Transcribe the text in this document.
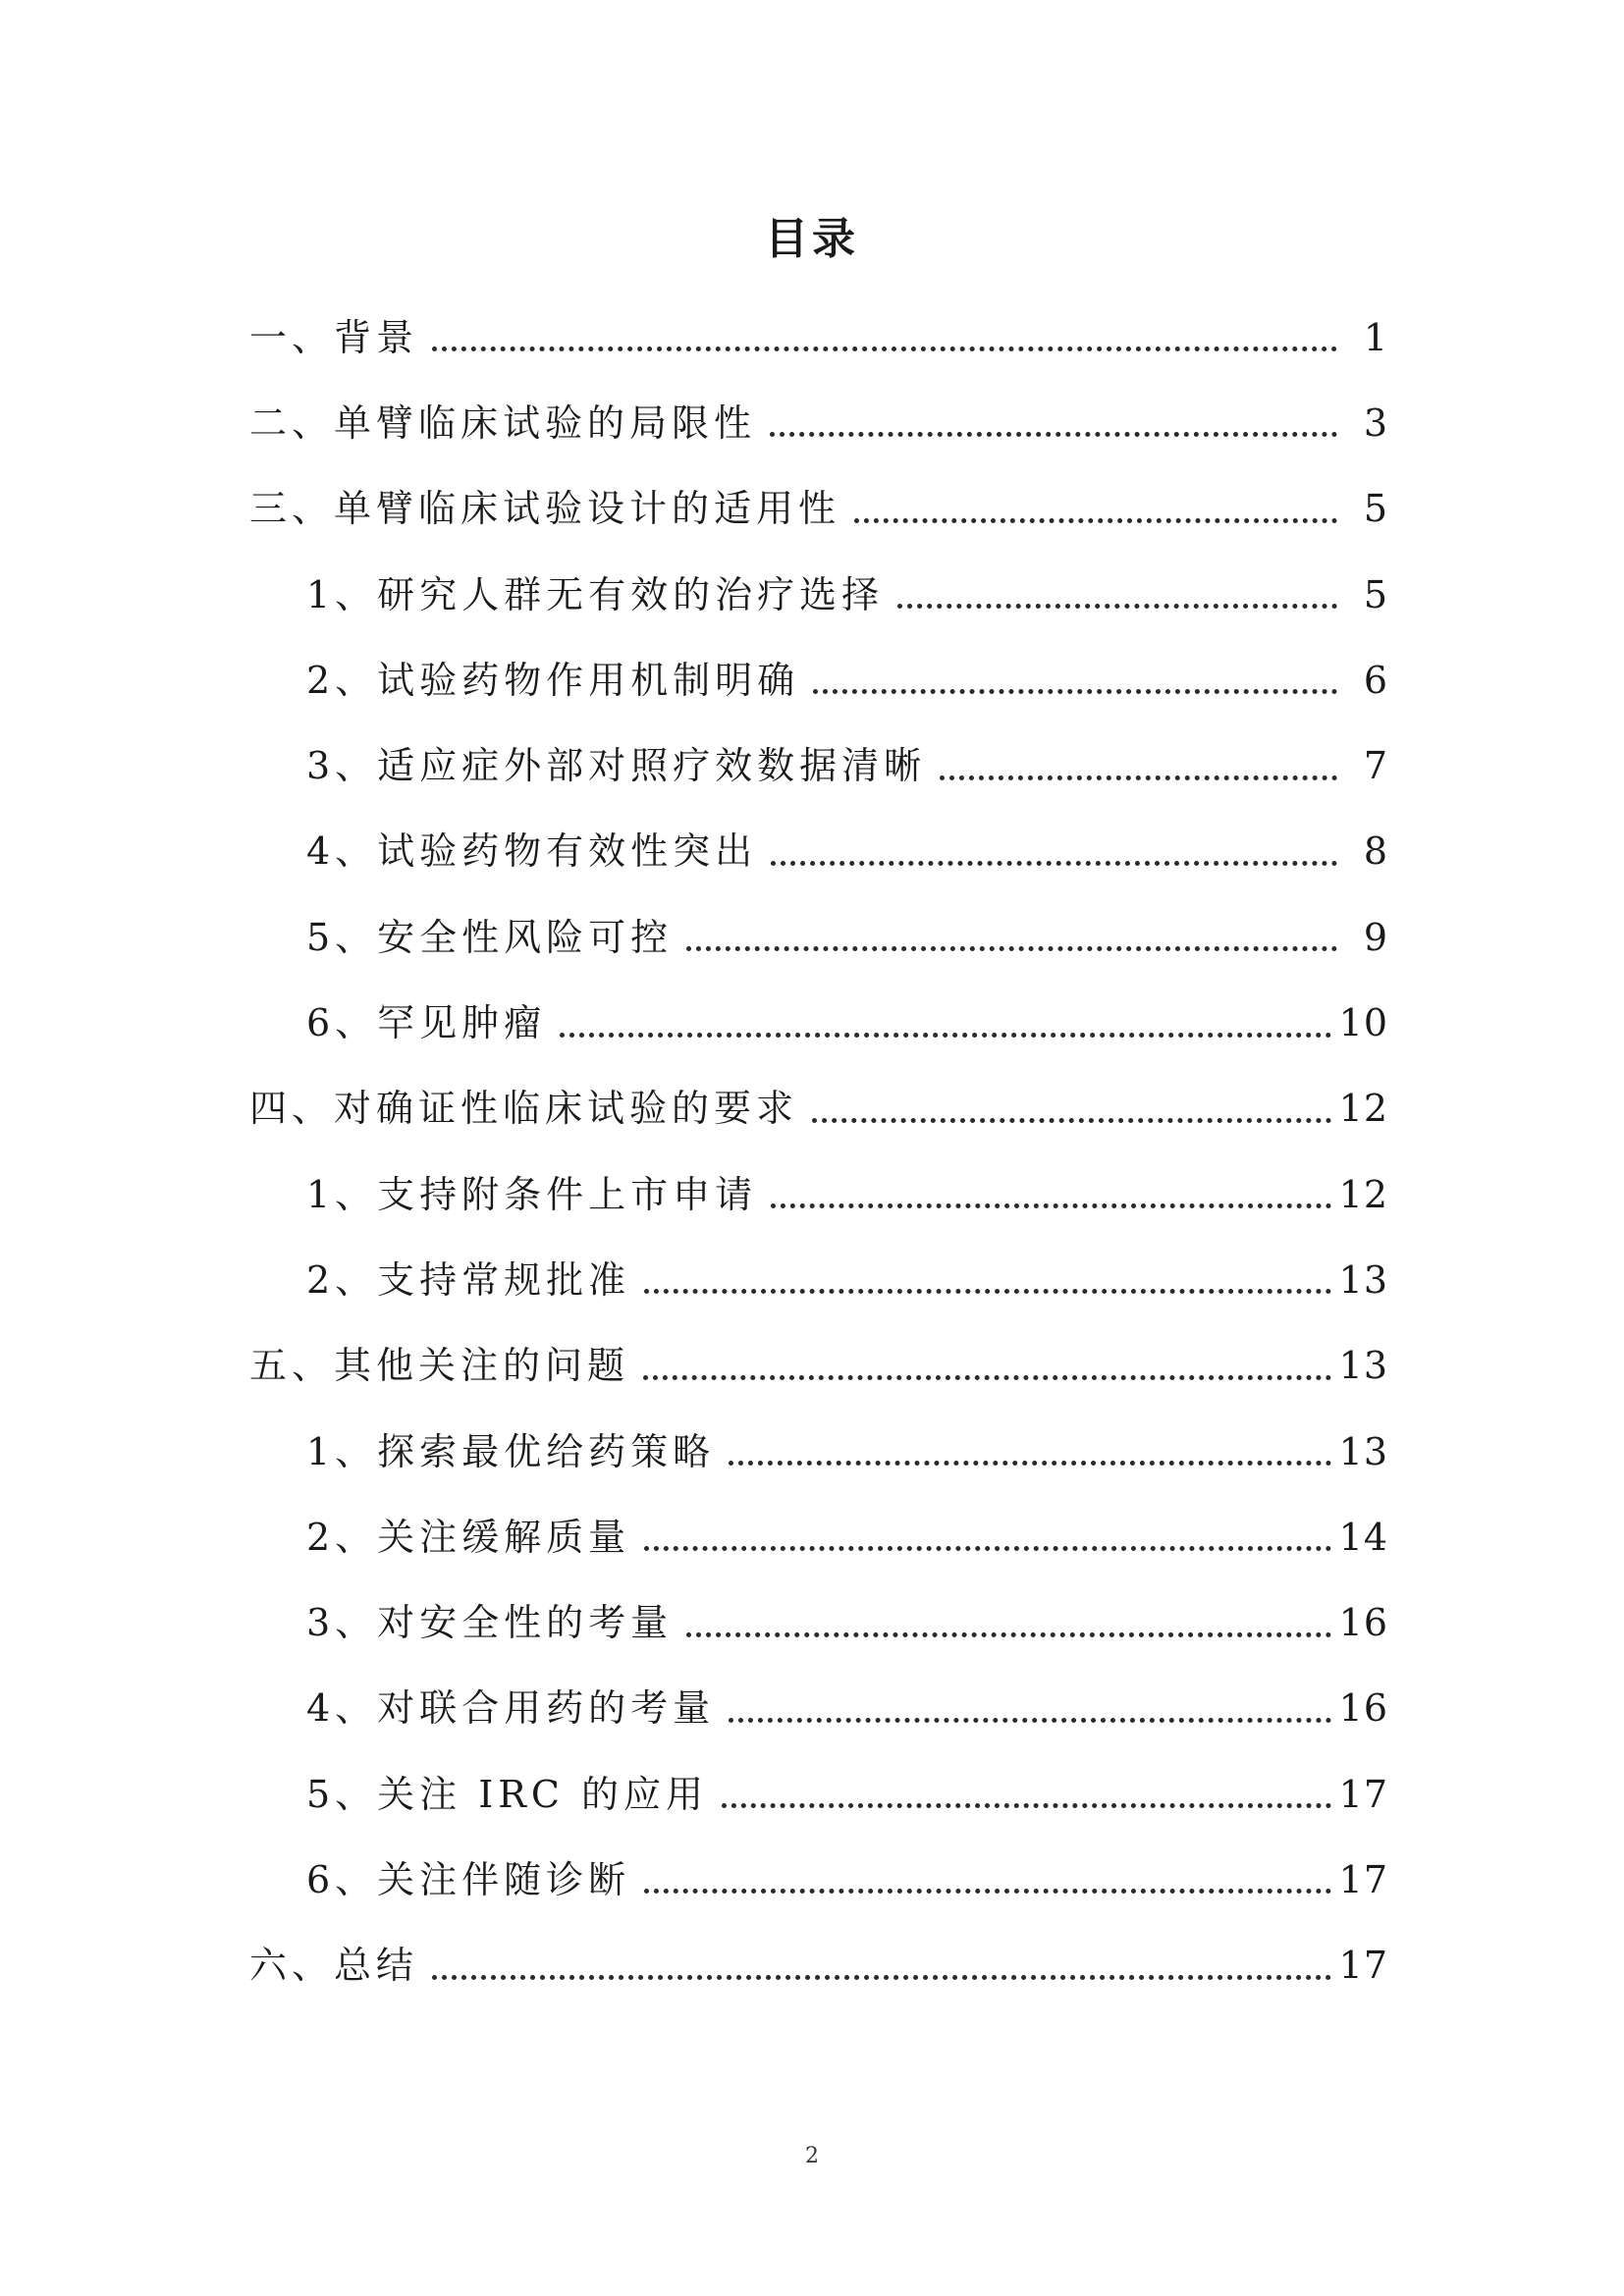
目录
一、背景	1
二、单臂临床试验的局限性	3
三、单臂临床试验设计的适用性	5
1、研究人群无有效的治疗选择	5
2、试验药物作用机制明确	6
3、适应症外部对照疗效数据清晰	7
4、试验药物有效性突出	8
5、安全性风险可控	9
6、罕见肿瘤	10
四、对确证性临床试验的要求	12
1、支持附条件上市申请	12
2、支持常规批准	13
五、其他关注的问题	13
1、探索最优给药策略	13
2、关注缓解质量	14
3、对安全性的考量	16
4、对联合用药的考量	16
5、关注 IRC 的应用	17
6、关注伴随诊断	17
六、总结	17
2
